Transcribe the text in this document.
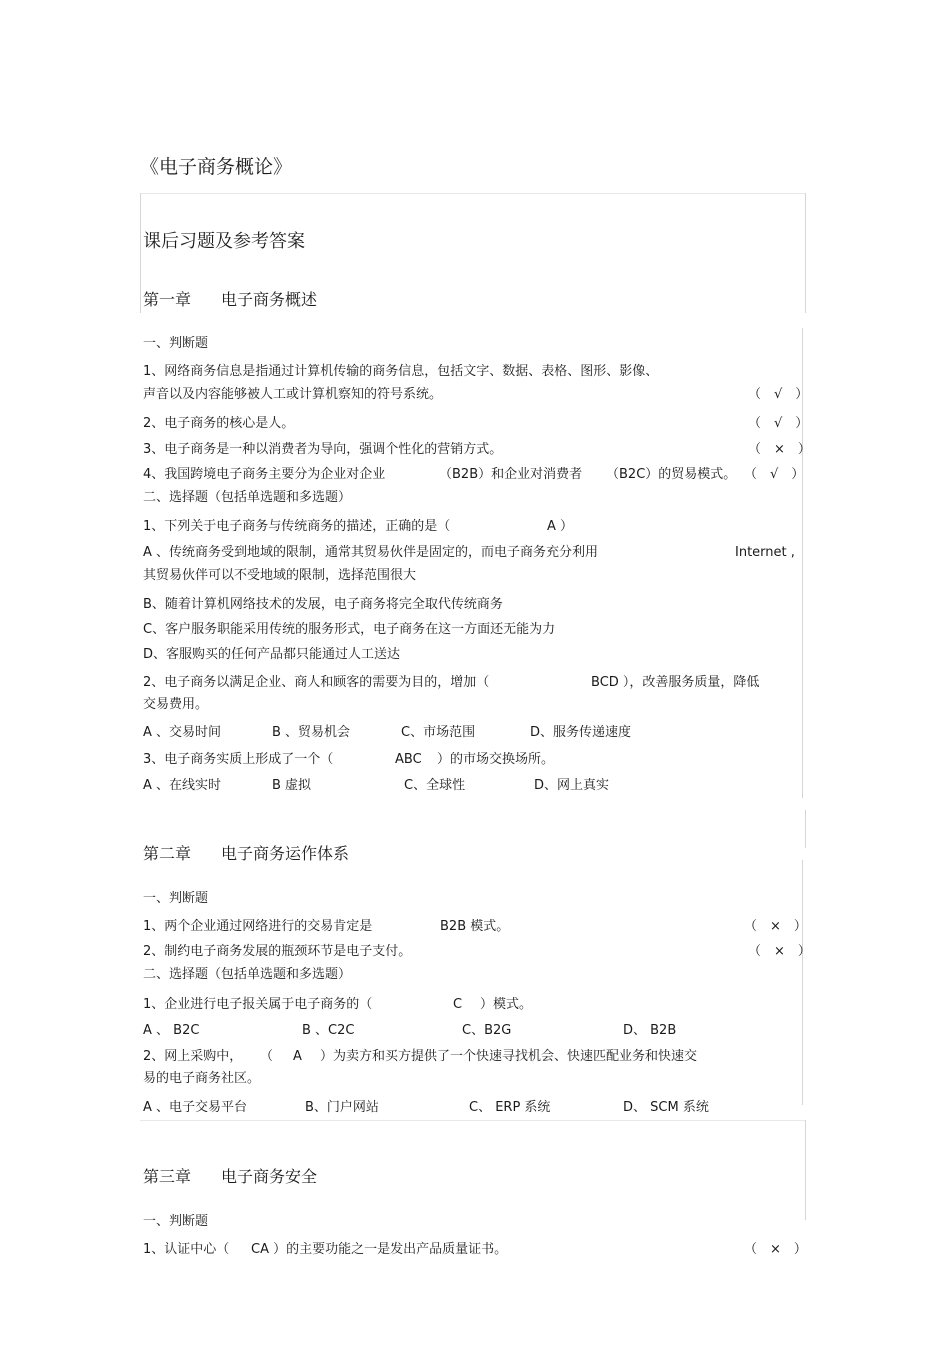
《电子商务概论》
课后习题及参考答案
第一章 电子商务概述
一、判断题
1、网络商务信息是指通过计算机传输的商务信息，包括文字、数据、表格、图形、影像、
声音以及内容能够被人工或计算机察知的符号系统。	（　√　）
2、电子商务的核心是人。	（　√　）
3、电子商务是一种以消费者为导向，强调个性化的营销方式。	（　×　）
4、我国跨境电子商务主要分为企业对企业	（B2B）和企业对消费者 （B2C）的贸易模式。 （　√　）
二、选择题（包括单选题和多选题）
1、下列关于电子商务与传统商务的描述，正确的是（	A ）
A 、传统商务受到地域的限制，通常其贸易伙伴是固定的，而电子商务充分利用	Internet ,
其贸易伙伴可以不受地域的限制，选择范围很大
B、随着计算机网络技术的发展，电子商务将完全取代传统商务
C、客户服务职能采用传统的服务形式，电子商务在这一方面还无能为力
D、客服购买的任何产品都只能通过人工送达
2、电子商务以满足企业、商人和顾客的需要为目的，增加（	BCD ），改善服务质量，降低
交易费用。
A 、交易时间	B 、贸易机会	C、市场范围	D、服务传递速度
3、电子商务实质上形成了一个（	ABC ）的市场交换场所。
A 、在线实时	B 虚拟	C、全球性	D、网上真实
第二章 电子商务运作体系
一、判断题
1、两个企业通过网络进行的交易肯定是	B2B 模式。	（　×　）
2、制约电子商务发展的瓶颈环节是电子支付。	（　×　）
二、选择题（包括单选题和多选题）
1、企业进行电子报关属于电子商务的（	C ）模式。
A 、 B2C	B 、C2C	C、B2G	D、 B2B
2、网上采购中， （ A ）为卖方和买方提供了一个快速寻找机会、快速匹配业务和快速交
易的电子商务社区。
A 、电子交易平台	B、门户网站	C、 ERP 系统	D、 SCM 系统
第三章 电子商务安全
一、判断题
1、认证中心（ CA ）的主要功能之一是发出产品质量证书。	（　×　）
